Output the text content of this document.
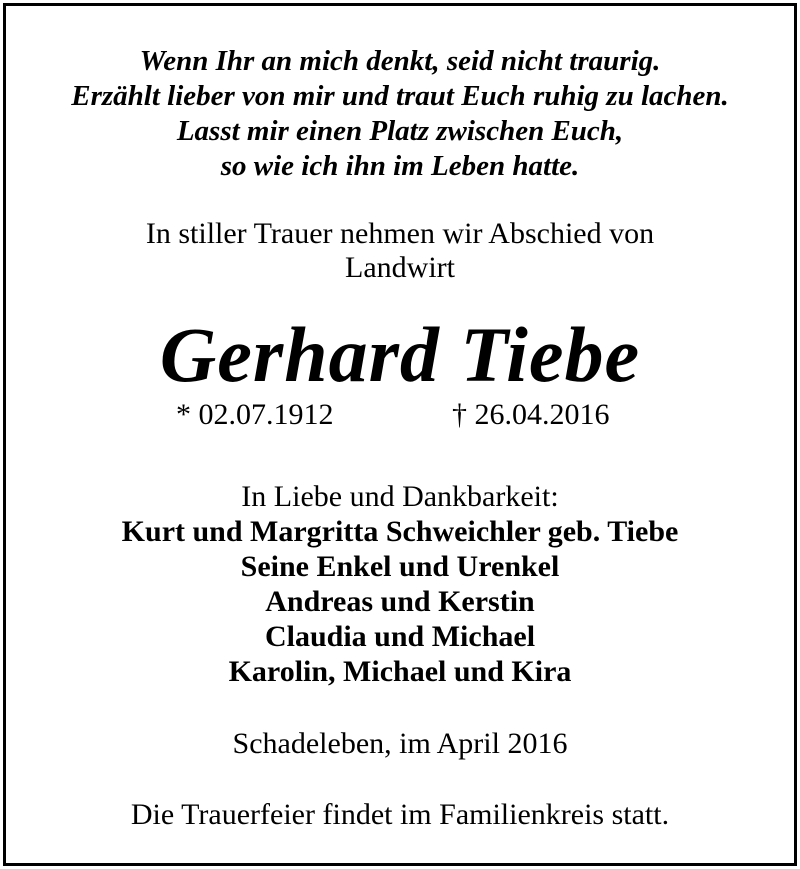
Wenn Ihr an mich denkt, seid nicht traurig.
Erzählt lieber von mir und traut Euch ruhig zu lachen.
Lasst mir einen Platz zwischen Euch,
so wie ich ihn im Leben hatte.
In stiller Trauer nehmen wir Abschied von
Landwirt
Gerhard Tiebe
* 02.07.1912	† 26.04.2016
In Liebe und Dankbarkeit:
Kurt und Margritta Schweichler geb. Tiebe
Seine Enkel und Urenkel
Andreas und Kerstin
Claudia und Michael
Karolin, Michael und Kira
Schadeleben, im April 2016
Die Trauerfeier findet im Familienkreis statt.
